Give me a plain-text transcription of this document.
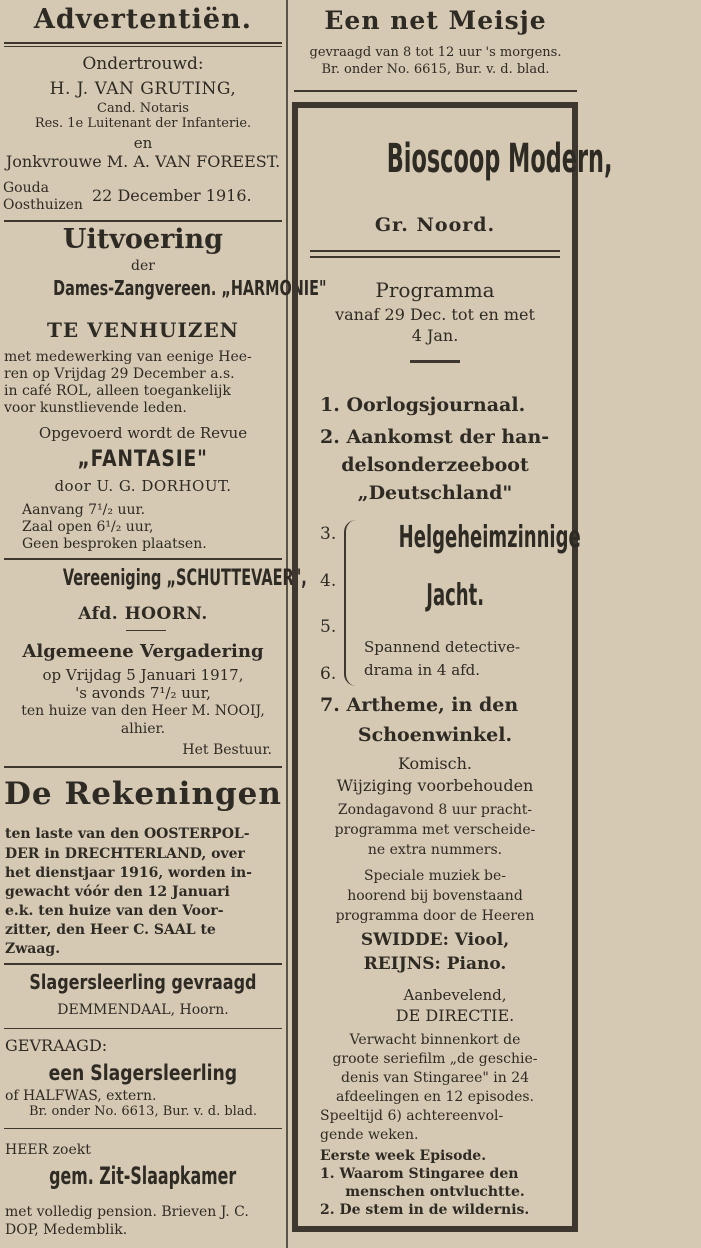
Advertentiën.
Ondertrouwd:
H. J. VAN GRUTING,
Cand. Notaris
Res. 1e Luitenant der Infanterie.
en
Jonkvrouwe M. A. VAN FOREEST.
Gouda
Oosthuizen 22 December 1916.
Uitvoering
der
Dames-Zangvereen. „HARMONIE"
TE VENHUIZEN
met medewerking van eenige Hee-
ren op Vrijdag 29 December a.s.
in café ROL, alleen toegankelijk
voor kunstlievende leden.
Opgevoerd wordt de Revue
„FANTASIE"
door U. G. DORHOUT.
Aanvang 7¹/₂ uur.
Zaal open 6¹/₂ uur,
Geen besproken plaatsen.
Vereeniging „SCHUTTEVAER",
Afd. HOORN.
Algemeene Vergadering
op Vrijdag 5 Januari 1917,
's avonds 7¹/₂ uur,
ten huize van den Heer M. NOOIJ,
alhier.
Het Bestuur.
De Rekeningen
ten laste van den OOSTERPOL-
DER in DRECHTERLAND, over
het dienstjaar 1916, worden in-
gewacht vóór den 12 Januari
e.k. ten huize van den Voor-
zitter, den Heer C. SAAL te
Zwaag.
Slagersleerling gevraagd
DEMMENDAAL, Hoorn.
GEVRAAGD:
een Slagersleerling
of HALFWAS, extern.
Br. onder No. 6613, Bur. v. d. blad.
HEER zoekt
gem. Zit-Slaapkamer
met volledig pension. Brieven J. C.
DOP, Medemblik.
Een net Meisje
gevraagd van 8 tot 12 uur 's morgens.
Br. onder No. 6615, Bur. v. d. blad.
Bioscoop Modern,
Gr. Noord.
Programma
vanaf 29 Dec. tot en met
4 Jan.
1. Oorlogsjournaal.
2. Aankomst der han-
delsonderzeeboot
„Deutschland"
3.
4.
5.
6.
Helgeheimzinnige
Jacht.
Spannend detective-
drama in 4 afd.
7. Artheme, in den
Schoenwinkel.
Komisch.
Wijziging voorbehouden
Zondagavond 8 uur pracht-
programma met verscheide-
ne extra nummers.
Speciale muziek be-
hoorend bij bovenstaand
programma door de Heeren
SWIDDE: Viool,
REIJNS: Piano.
Aanbevelend,
DE DIRECTIE.
Verwacht binnenkort de
groote seriefilm „de geschie-
denis van Stingaree" in 24
afdeelingen en 12 episodes.
Speeltijd 6) achtereenvol-
gende weken.
Eerste week Episode.
1. Waarom Stingaree den
menschen ontvluchtte.
2. De stem in de wildernis.
